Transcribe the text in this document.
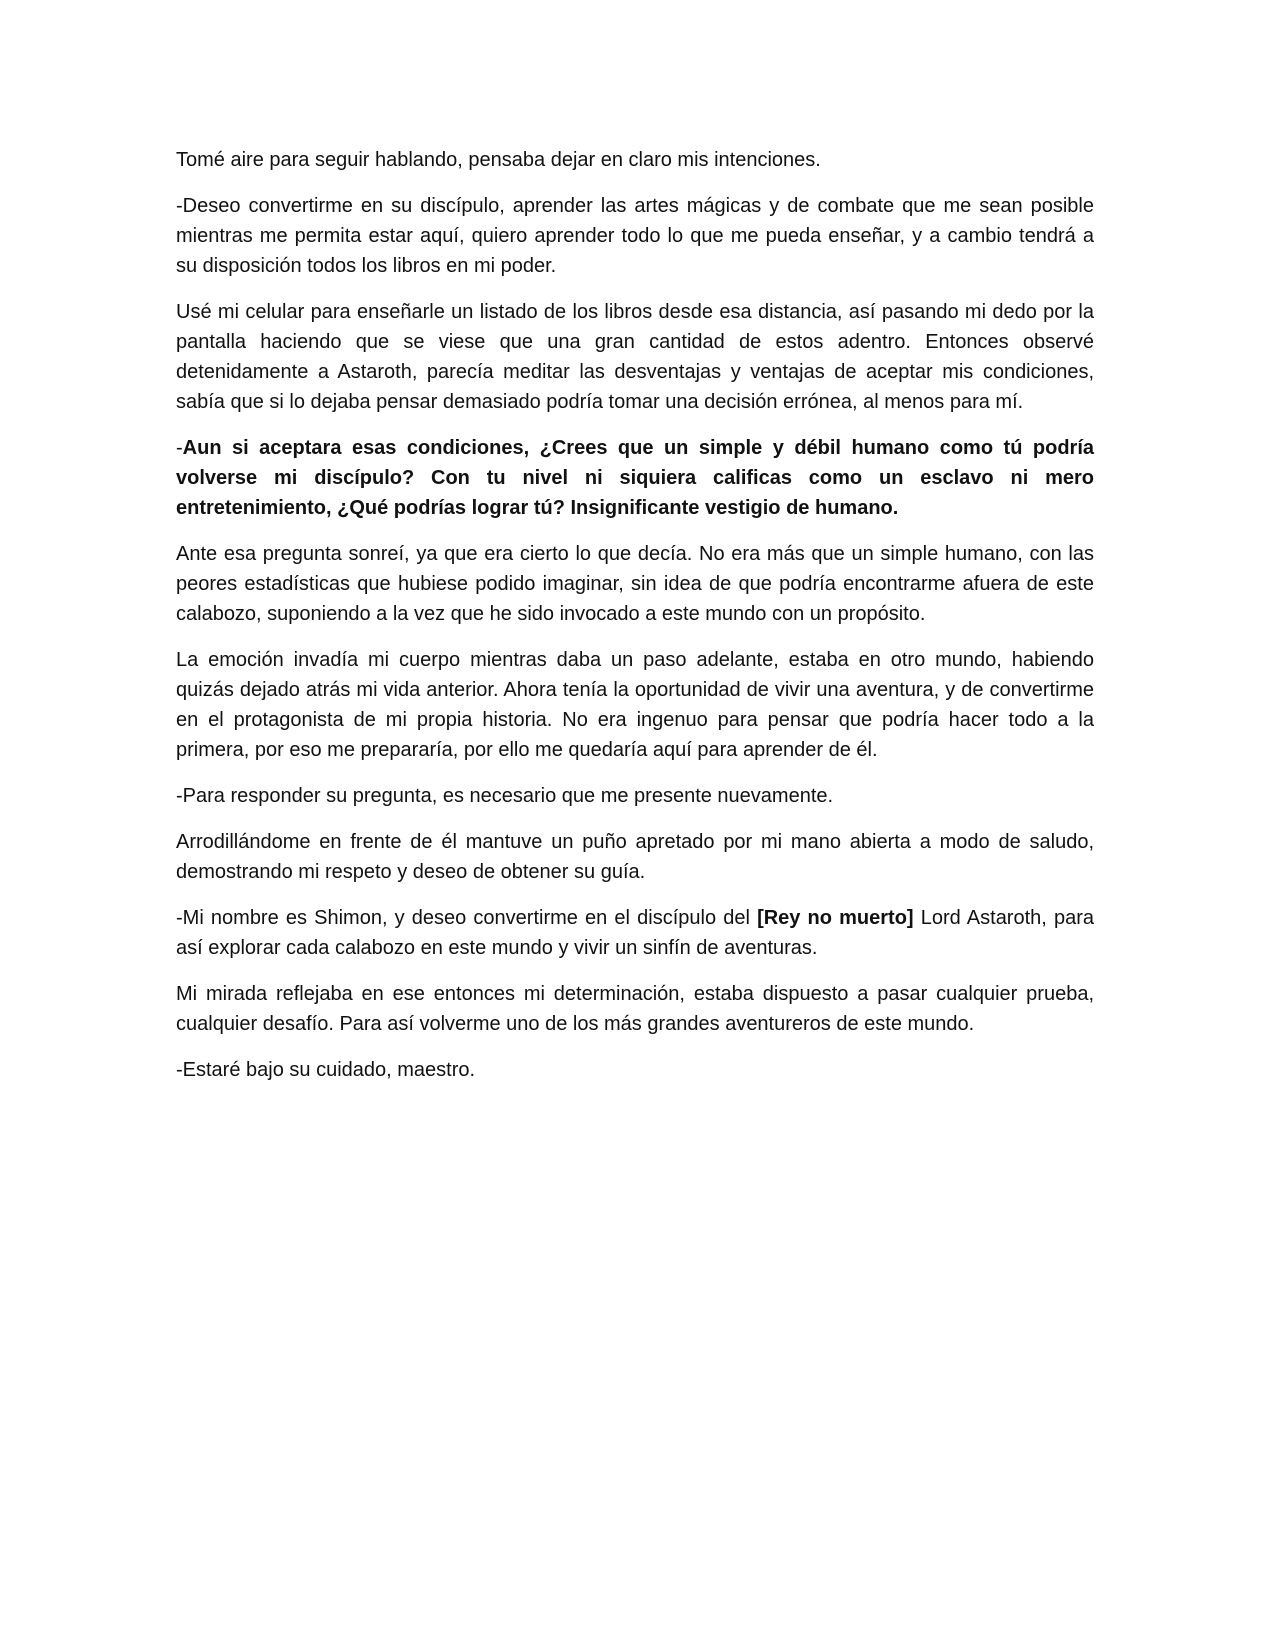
Tomé aire para seguir hablando, pensaba dejar en claro mis intenciones.

-Deseo convertirme en su discípulo, aprender las artes mágicas y de combate que me sean posible mientras me permita estar aquí, quiero aprender todo lo que me pueda enseñar, y a cambio tendrá a su disposición todos los libros en mi poder.

Usé mi celular para enseñarle un listado de los libros desde esa distancia, así pasando mi dedo por la pantalla haciendo que se viese que una gran cantidad de estos adentro. Entonces observé detenidamente a Astaroth, parecía meditar las desventajas y ventajas de aceptar mis condiciones, sabía que si lo dejaba pensar demasiado podría tomar una decisión errónea, al menos para mí.

-Aun si aceptara esas condiciones, ¿Crees que un simple y débil humano como tú podría volverse mi discípulo? Con tu nivel ni siquiera calificas como un esclavo ni mero entretenimiento, ¿Qué podrías lograr tú? Insignificante vestigio de humano.

Ante esa pregunta sonreí, ya que era cierto lo que decía. No era más que un simple humano, con las peores estadísticas que hubiese podido imaginar, sin idea de que podría encontrarme afuera de este calabozo, suponiendo a la vez que he sido invocado a este mundo con un propósito.

La emoción invadía mi cuerpo mientras daba un paso adelante, estaba en otro mundo, habiendo quizás dejado atrás mi vida anterior. Ahora tenía la oportunidad de vivir una aventura, y de convertirme en el protagonista de mi propia historia. No era ingenuo para pensar que podría hacer todo a la primera, por eso me prepararía, por ello me quedaría aquí para aprender de él.

-Para responder su pregunta, es necesario que me presente nuevamente.

Arrodillándome en frente de él mantuve un puño apretado por mi mano abierta a modo de saludo, demostrando mi respeto y deseo de obtener su guía.

-Mi nombre es Shimon, y deseo convertirme en el discípulo del [Rey no muerto] Lord Astaroth, para así explorar cada calabozo en este mundo y vivir un sinfín de aventuras.

Mi mirada reflejaba en ese entonces mi determinación, estaba dispuesto a pasar cualquier prueba, cualquier desafío. Para así volverme uno de los más grandes aventureros de este mundo.

-Estaré bajo su cuidado, maestro.
